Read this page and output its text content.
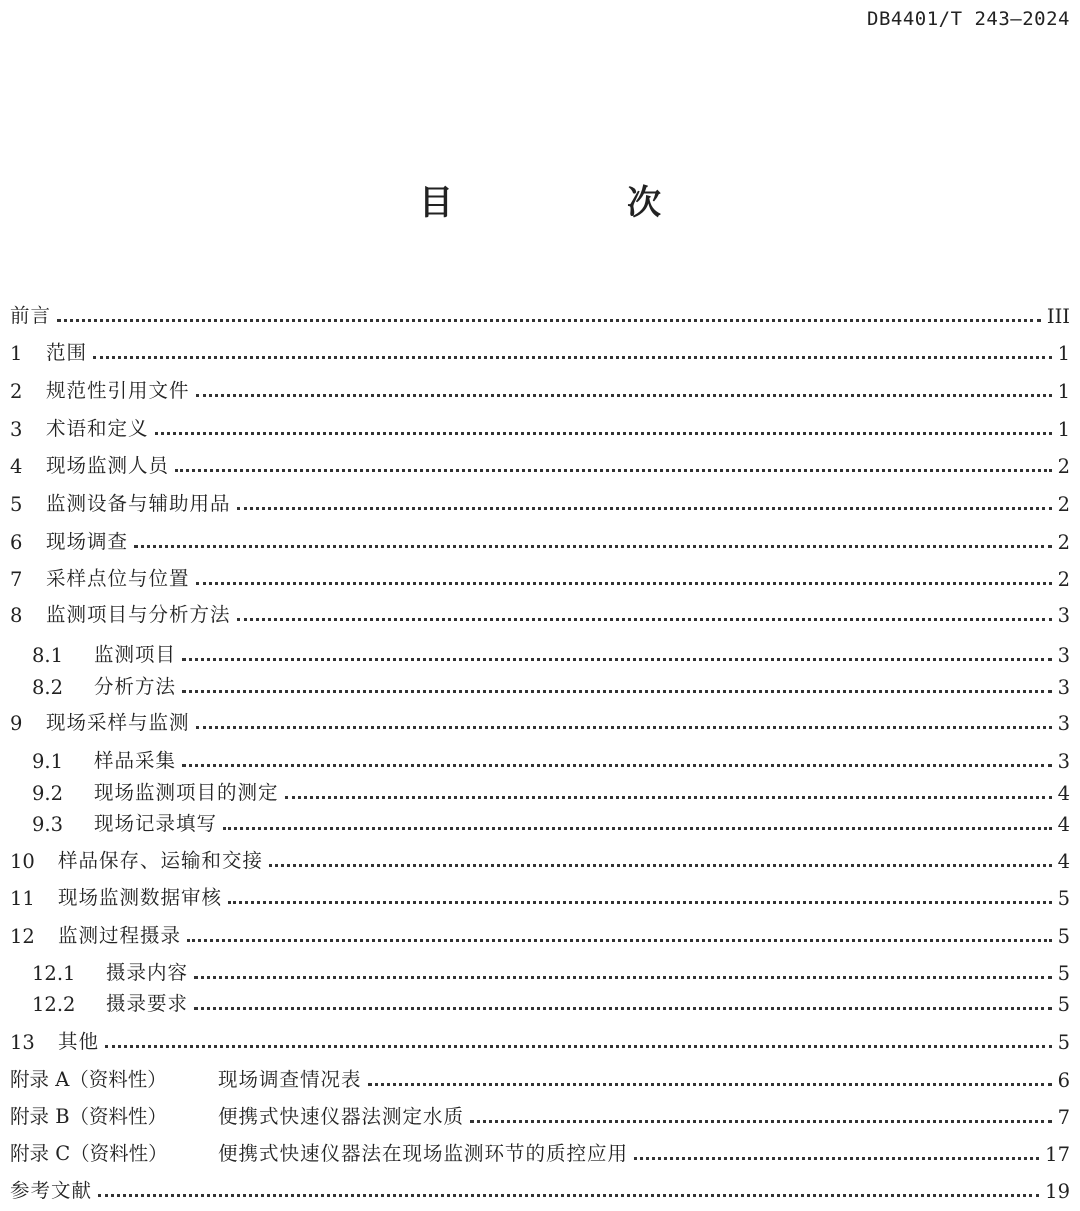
DB4401/T 243—2024
目　次
前言	III
1	范围	1
2	规范性引用文件	1
3	术语和定义	1
4	现场监测人员	2
5	监测设备与辅助用品	2
6	现场调查	2
7	采样点位与位置	2
8	监测项目与分析方法	3
8.1	监测项目	3
8.2	分析方法	3
9	现场采样与监测	3
9.1	样品采集	3
9.2	现场监测项目的测定	4
9.3	现场记录填写	4
10	样品保存、运输和交接	4
11	现场监测数据审核	5
12	监测过程摄录	5
12.1	摄录内容	5
12.2	摄录要求	5
13	其他	5
附录 A（资料性）	现场调查情况表	6
附录 B（资料性）	便携式快速仪器法测定水质	7
附录 C（资料性）	便携式快速仪器法在现场监测环节的质控应用	17
参考文献	19
